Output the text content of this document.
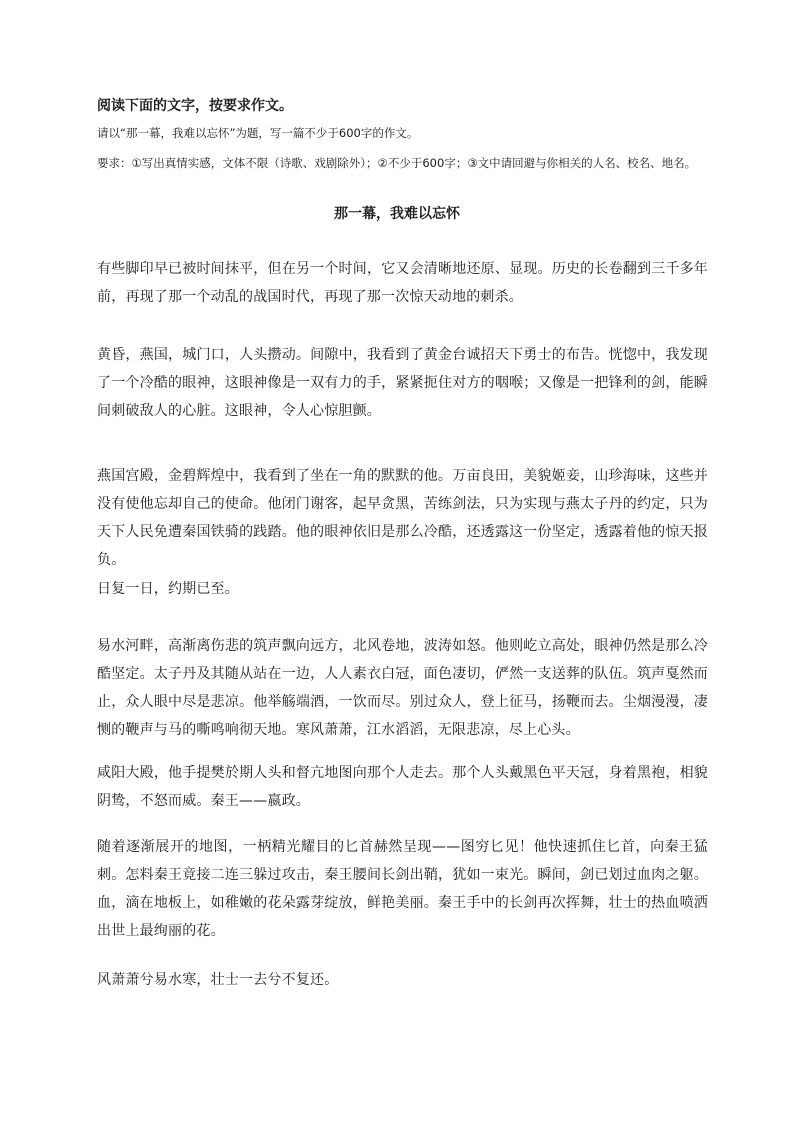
阅读下面的文字，按要求作文。
请以“那一幕，我难以忘怀”为题，写一篇不少于600字的作文。
要求：①写出真情实感，文体不限（诗歌、戏剧除外）；②不少于600字；③文中请回避与你相关的人名、校名、地名。
那一幕，我难以忘怀

有些脚印早已被时间抹平，但在另一个时间，它又会清晰地还原、显现。历史的长卷翻到三千多年前，再现了那一个动乱的战国时代，再现了那一次惊天动地的刺杀。

黄昏，燕国，城门口，人头攒动。间隙中，我看到了黄金台诚招天下勇士的布告。恍惚中，我发现了一个冷酷的眼神，这眼神像是一双有力的手，紧紧扼住对方的咽喉；又像是一把锋利的剑，能瞬间刺破敌人的心脏。这眼神，令人心惊胆颤。

燕国宫殿，金碧辉煌中，我看到了坐在一角的默默的他。万亩良田，美貌姬妾，山珍海味，这些并没有使他忘却自己的使命。他闭门谢客，起早贪黑，苦练剑法，只为实现与燕太子丹的约定，只为天下人民免遭秦国铁骑的践踏。他的眼神依旧是那么冷酷，还透露这一份坚定，透露着他的惊天报负。

日复一日，约期已至。

易水河畔，高渐离伤悲的筑声飘向远方，北风卷地，波涛如怒。他则屹立高处，眼神仍然是那么冷酷坚定。太子丹及其随从站在一边，人人素衣白冠，面色凄切，俨然一支送葬的队伍。筑声戛然而止，众人眼中尽是悲凉。他举觞端酒，一饮而尽。别过众人，登上征马，扬鞭而去。尘烟漫漫，凄恻的鞭声与马的嘶鸣响彻天地。寒风萧萧，江水滔滔，无限悲凉，尽上心头。

咸阳大殿，他手提樊於期人头和督亢地图向那个人走去。那个人头戴黑色平天冠，身着黑袍，相貌阴鸷，不怒而威。秦王——嬴政。

随着逐渐展开的地图，一柄精光耀目的匕首赫然呈现——图穷匕见！他快速抓住匕首，向秦王猛刺。怎料秦王竟接二连三躲过攻击，秦王腰间长剑出鞘，犹如一束光。瞬间，剑已划过血肉之躯。血，滴在地板上，如稚嫩的花朵露芽绽放，鲜艳美丽。秦王手中的长剑再次挥舞，壮士的热血喷洒出世上最绚丽的花。

风萧萧兮易水寒，壮士一去兮不复还。
